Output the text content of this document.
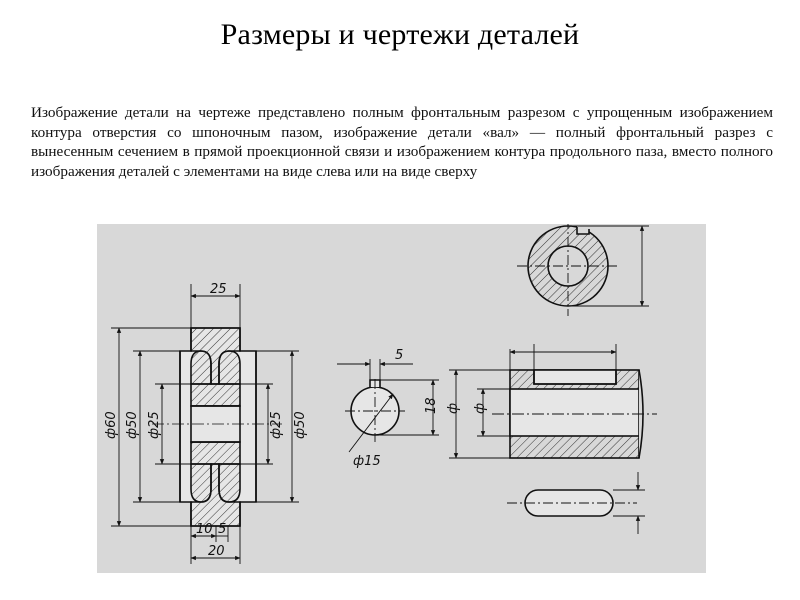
Размеры и чертежи деталей
Изображение детали на чертеже представлено полным фронтальным разрезом с упрощенным изображением контура отверстия со шпоночным пазом, изображение детали «вал» — полный фронтальный разрез с вынесенным сечением в прямой проекционной связи и изображением контура продольного паза, вместо полного изображения деталей с элементами на виде слева или на виде сверху
25
ф60 ф50 ф25	ф25 ф50
10 5
20
5
18
ф15
ф ф
